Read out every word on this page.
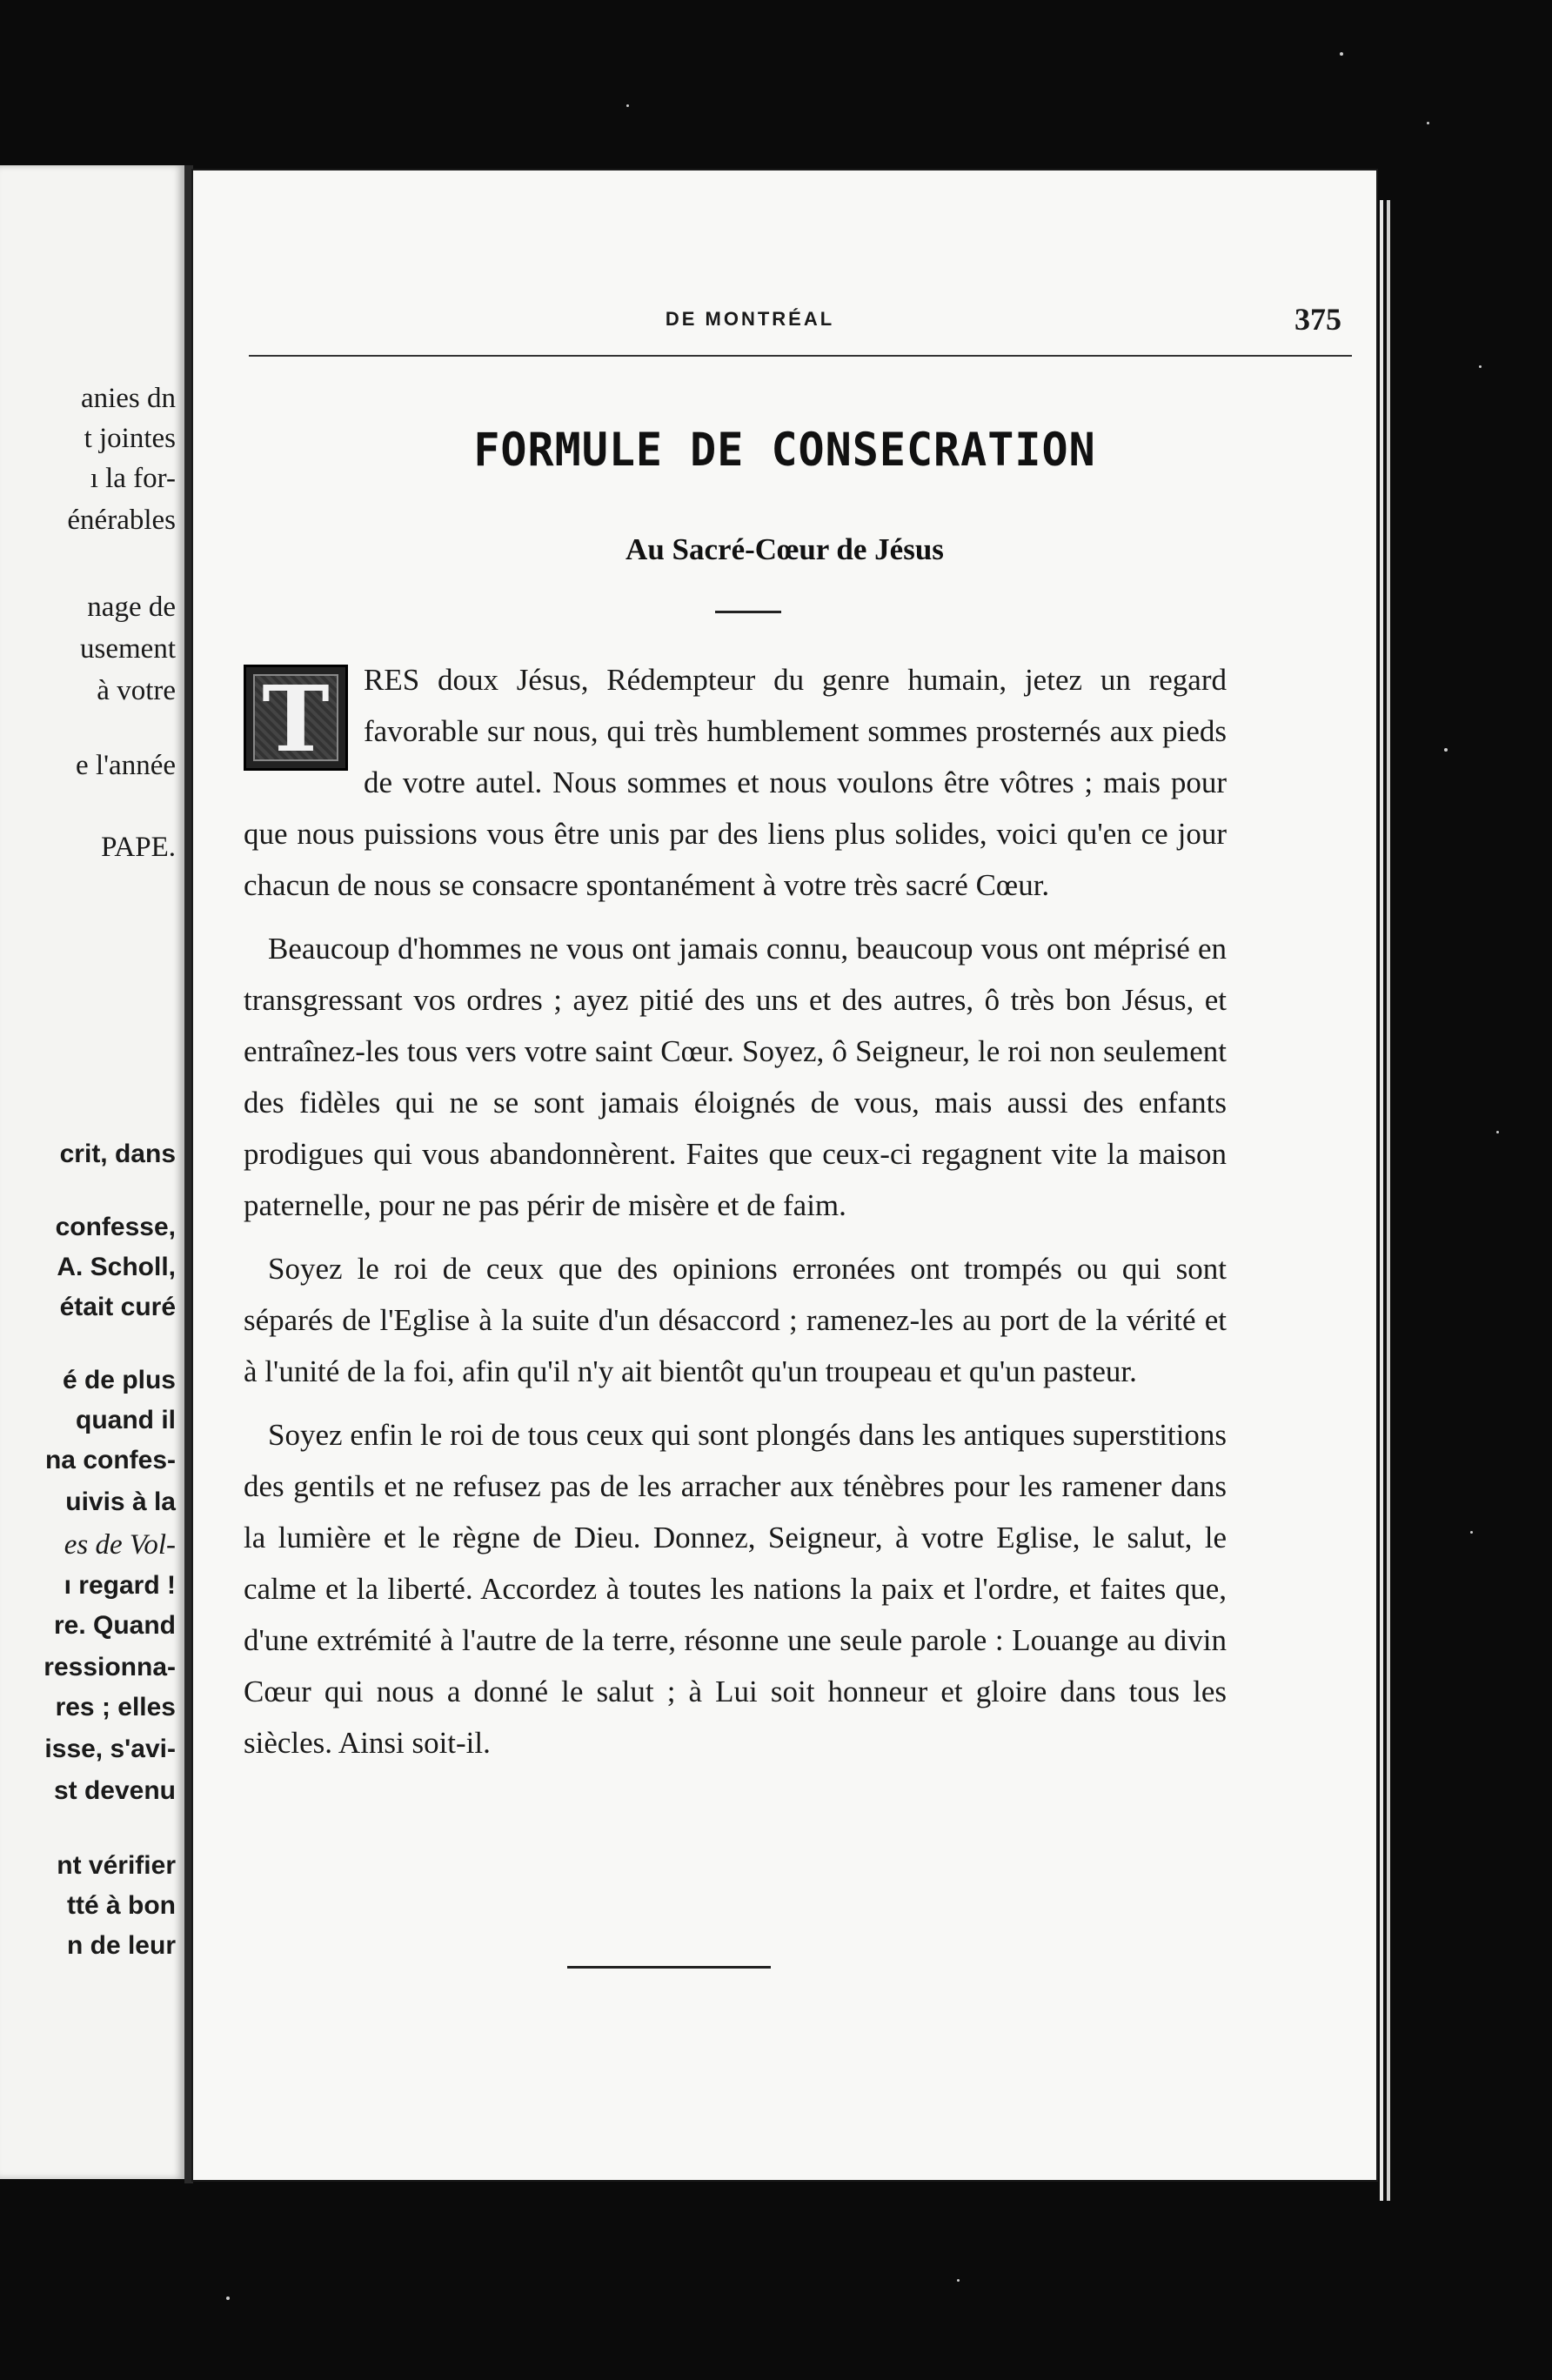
anies dn
t jointes
ı la for-
énérables
nage de
usement
à votre
e l'année
PAPE.
crit, dans
confesse,
A. Scholl,
était curé
é de plus
quand il
na confes-
uivis à la
es de Vol-
ı regard !
re. Quand
ressionna-
res ; elles
isse, s'avi-
st devenu
nt vérifier
tté à bon
n de leur
DE MONTRÉAL	375
FORMULE DE CONSECRATION
Au Sacré-Cœur de Jésus

T	RES doux Jésus, Rédempteur du genre humain, jetez un regard favorable sur nous, qui très humblement sommes prosternés aux pieds de votre autel. Nous sommes et nous voulons être vôtres ; mais pour que nous puissions vous être unis par des liens plus solides, voici qu'en ce jour chacun de nous se consacre spontanément à votre très sacré Cœur.

Beaucoup d'hommes ne vous ont jamais connu, beaucoup vous ont méprisé en transgressant vos ordres ; ayez pitié des uns et des autres, ô très bon Jésus, et entraînez-les tous vers votre saint Cœur. Soyez, ô Seigneur, le roi non seulement des fidèles qui ne se sont jamais éloignés de vous, mais aussi des enfants prodigues qui vous abandonnèrent. Faites que ceux-ci regagnent vite la maison paternelle, pour ne pas périr de misère et de faim.

Soyez le roi de ceux que des opinions erronées ont trompés ou qui sont séparés de l'Eglise à la suite d'un désaccord ; ramenez-les au port de la vérité et à l'unité de la foi, afin qu'il n'y ait bientôt qu'un troupeau et qu'un pasteur.

Soyez enfin le roi de tous ceux qui sont plongés dans les antiques superstitions des gentils et ne refusez pas de les arracher aux ténèbres pour les ramener dans la lumière et le règne de Dieu. Donnez, Seigneur, à votre Eglise, le salut, le calme et la liberté. Accordez à toutes les nations la paix et l'ordre, et faites que, d'une extrémité à l'autre de la terre, résonne une seule parole : Louange au divin Cœur qui nous a donné le salut ; à Lui soit honneur et gloire dans tous les siècles. Ainsi soit-il.
